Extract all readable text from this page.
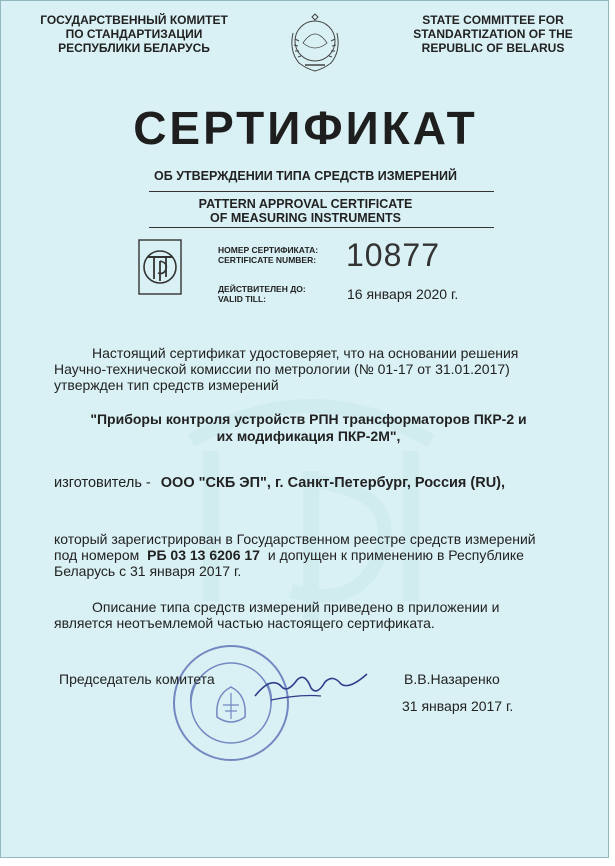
ГОСУДАРСТВЕННЫЙ КОМИТЕТ
ПО СТАНДАРТИЗАЦИИ
РЕСПУБЛИКИ БЕЛАРУСЬ
STATE COMMITTEE FOR
STANDARTIZATION OF THE
REPUBLIC OF BELARUS
СЕРТИФИКАТ
ОБ УТВЕРЖДЕНИИ ТИПА СРЕДСТВ ИЗМЕРЕНИЙ
PATTERN APPROVAL CERTIFICATE
OF MEASURING INSTRUMENTS
НОМЕР СЕРТИФИКАТА:
CERTIFICATE NUMBER: 10877
ДЕЙСТВИТЕЛЕН ДО:
VALID TILL:	16 января 2020 г.
Настоящий сертификат удостоверяет, что на основании решения
Научно-технической комиссии по метрологии (№ 01-17 от 31.01.2017)
утвержден тип средств измерений
"Приборы контроля устройств РПН трансформаторов ПКР-2 и
их модификация ПКР-2М",
изготовитель - ООО "СКБ ЭП", г. Санкт-Петербург, Россия (RU),
который зарегистрирован в Государственном реестре средств измерений
под номером РБ 03 13 6206 17 и допущен к применению в Республике
Беларусь с 31 января 2017 г.
Описание типа средств измерений приведено в приложении и
является неотъемлемой частью настоящего сертификата.
Председатель комитета	В.В.Назаренко
31 января 2017 г.
